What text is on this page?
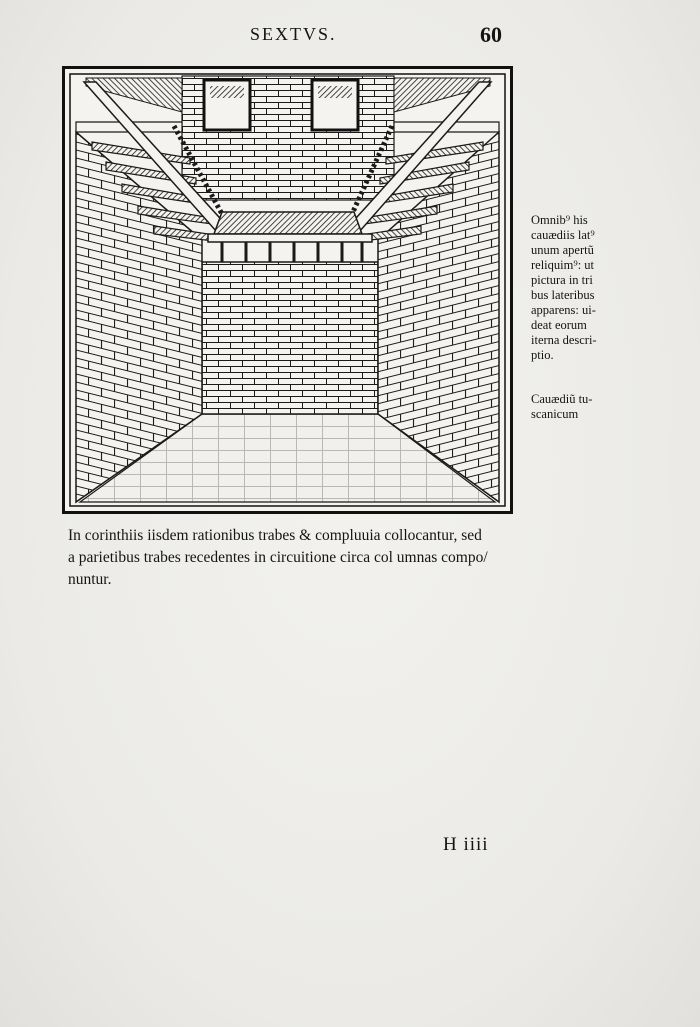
SEXTVS.	60
Omnib⁹ his
cauædiis lat⁹
unum apertũ
reliquim⁹: ut
pictura in tri
bus lateribus
apparens: ui-
deat eorum
iterna descri-
ptio.
Cauædiũ tu-
scanicum
In corinthiis iisdem rationibus trabes & compluuia collocantur, sed
a parietibus trabes recedentes in circuitione circa col umnas compo/
nuntur.
H iiii
